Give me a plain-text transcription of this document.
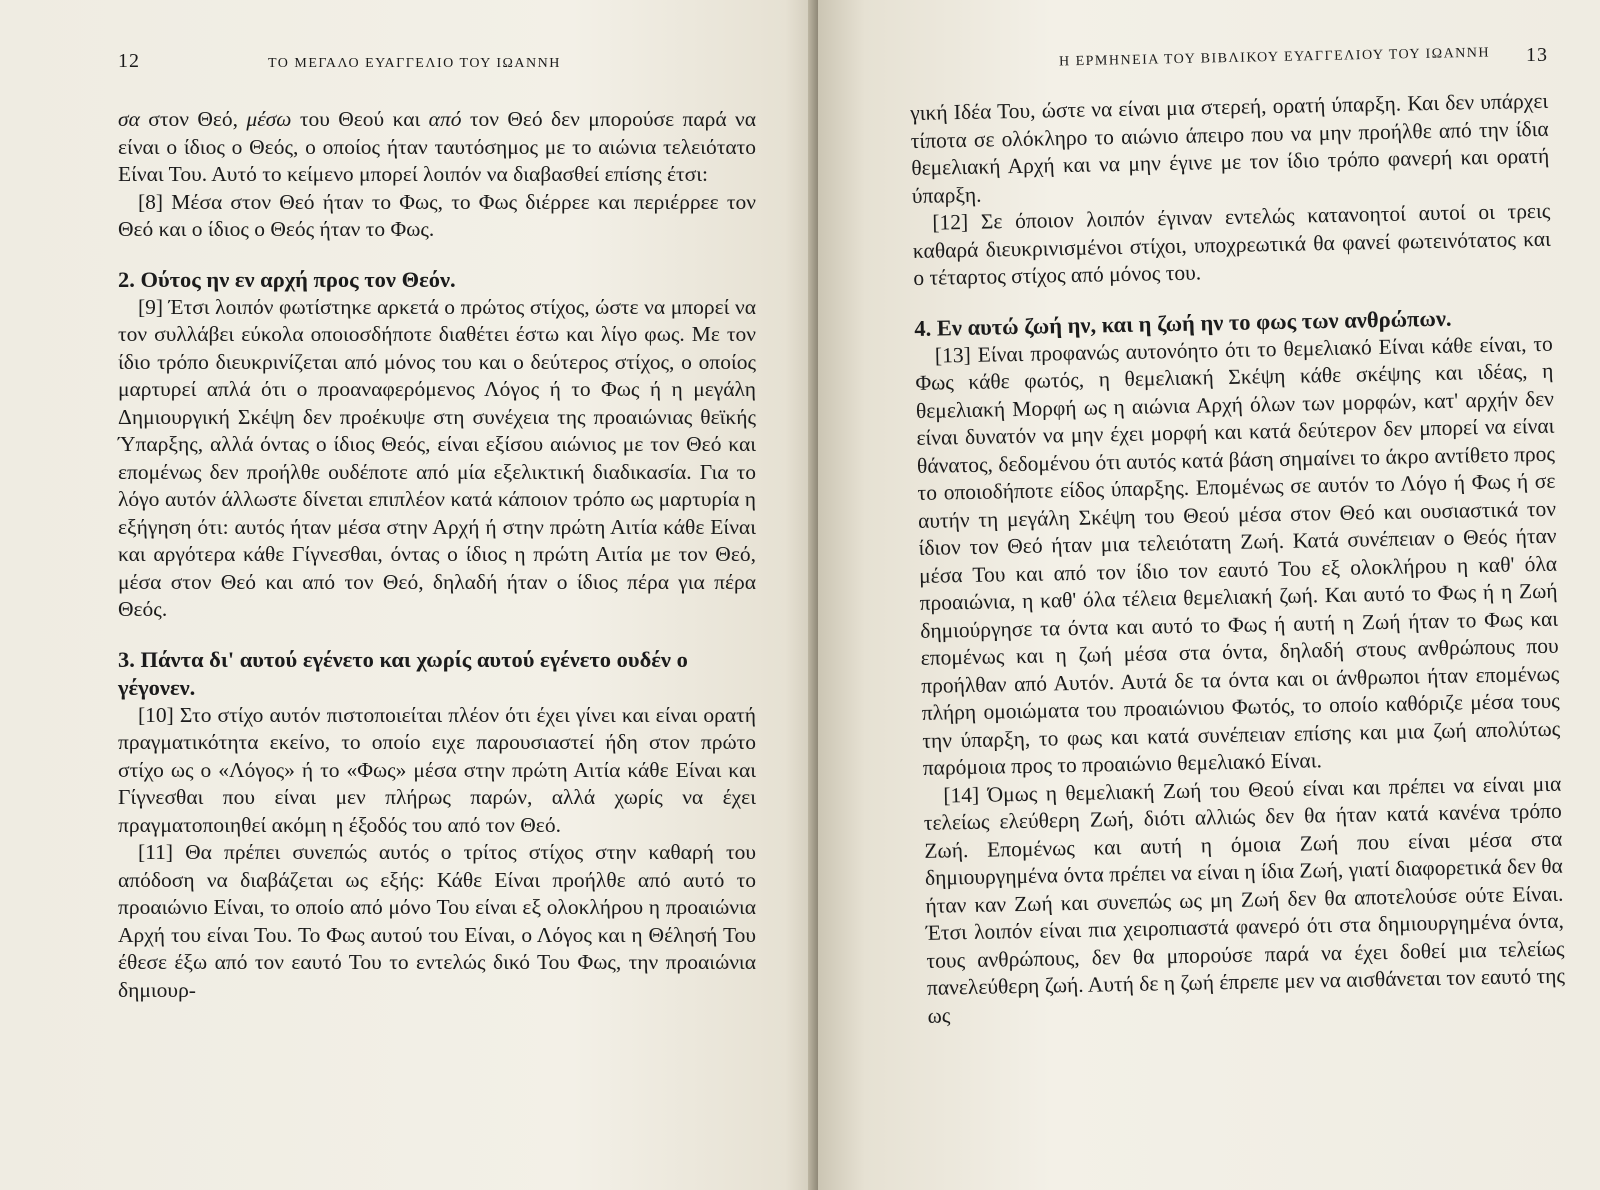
12	ΤΟ ΜΕΓΑΛΟ ΕΥΑΓΓΕΛΙΟ ΤΟΥ ΙΩΑΝΝΗ

σα στον Θεό, μέσω του Θεού και από τον Θεό δεν μπορούσε παρά να είναι ο ίδιος ο Θεός, ο οποίος ήταν ταυτόσημος με το αιώνια τελειότατο Είναι Του. Αυτό το κείμενο μπορεί λοιπόν να διαβασθεί επίσης έτσι:

[8] Μέσα στον Θεό ήταν το Φως, το Φως διέρρεε και περιέρρεε τον Θεό και ο ίδιος ο Θεός ήταν το Φως.

2. Ούτος ην εν αρχή προς τον Θεόν.

[9] Έτσι λοιπόν φωτίστηκε αρκετά ο πρώτος στίχος, ώστε να μπορεί να τον συλλάβει εύκολα οποιοσδήποτε διαθέτει έστω και λίγο φως. Με τον ίδιο τρόπο διευκρινίζεται από μόνος του και ο δεύτερος στίχος, ο οποίος μαρτυρεί απλά ότι ο προαναφερόμενος Λόγος ή το Φως ή η μεγάλη Δημιουργική Σκέψη δεν προέκυψε στη συνέχεια της προαιώνιας θεϊκής Ύπαρξης, αλλά όντας ο ίδιος Θεός, είναι εξίσου αιώνιος με τον Θεό και επομένως δεν προήλθε ουδέποτε από μία εξελικτική διαδικασία. Για το λόγο αυτόν άλλωστε δίνεται επιπλέον κατά κάποιον τρόπο ως μαρτυρία η εξήγηση ότι: αυτός ήταν μέσα στην Αρχή ή στην πρώτη Αιτία κάθε Είναι και αργότερα κάθε Γίγνεσθαι, όντας ο ίδιος η πρώτη Αιτία με τον Θεό, μέσα στον Θεό και από τον Θεό, δηλαδή ήταν ο ίδιος πέρα για πέρα Θεός.

3. Πάντα δι' αυτού εγένετο και χωρίς αυτού εγένετο ουδέν ο γέγονεν.

[10] Στο στίχο αυτόν πιστοποιείται πλέον ότι έχει γίνει και είναι ορατή πραγματικότητα εκείνο, το οποίο ειχε παρουσιαστεί ήδη στον πρώτο στίχο ως ο «Λόγος» ή το «Φως» μέσα στην πρώτη Αιτία κάθε Είναι και Γίγνεσθαι που είναι μεν πλήρως παρών, αλλά χωρίς να έχει πραγματοποιηθεί ακόμη η έξοδός του από τον Θεό.

[11] Θα πρέπει συνεπώς αυτός ο τρίτος στίχος στην καθαρή του απόδοση να διαβάζεται ως εξής: Κάθε Είναι προήλθε από αυτό το προαιώνιο Είναι, το οποίο από μόνο Του είναι εξ ολοκλήρου η προαιώνια Αρχή του είναι Του. Το Φως αυτού του Είναι, ο Λόγος και η Θέλησή Του έθεσε έξω από τον εαυτό Του το εντελώς δικό Του Φως, την προαιώνια δημιουρ-

Η ΕΡΜΗΝΕΙΑ ΤΟΥ ΒΙΒΛΙΚΟΥ ΕΥΑΓΓΕΛΙΟΥ ΤΟΥ ΙΩΑΝΝΗ 13

γική Ιδέα Του, ώστε να είναι μια στερεή, ορατή ύπαρξη. Και δεν υπάρχει τίποτα σε ολόκληρο το αιώνιο άπειρο που να μην προήλθε από την ίδια θεμελιακή Αρχή και να μην έγινε με τον ίδιο τρόπο φανερή και ορατή ύπαρξη.

[12] Σε όποιον λοιπόν έγιναν εντελώς κατανοητοί αυτοί οι τρεις καθαρά διευκρινισμένοι στίχοι, υποχρεωτικά θα φανεί φωτεινότατος και ο τέταρτος στίχος από μόνος του.

4. Εν αυτώ ζωή ην, και η ζωή ην το φως των ανθρώπων.

[13] Είναι προφανώς αυτονόητο ότι το θεμελιακό Είναι κάθε είναι, το Φως κάθε φωτός, η θεμελιακή Σκέψη κάθε σκέψης και ιδέας, η θεμελιακή Μορφή ως η αιώνια Αρχή όλων των μορφών, κατ' αρχήν δεν είναι δυνατόν να μην έχει μορφή και κατά δεύτερον δεν μπορεί να είναι θάνατος, δεδομένου ότι αυτός κατά βάση σημαίνει το άκρο αντίθετο προς το οποιοδήποτε είδος ύπαρξης. Επομένως σε αυτόν το Λόγο ή Φως ή σε αυτήν τη μεγάλη Σκέψη του Θεού μέσα στον Θεό και ουσιαστικά τον ίδιον τον Θεό ήταν μια τελειότατη Ζωή. Κατά συνέπειαν ο Θεός ήταν μέσα Του και από τον ίδιο τον εαυτό Του εξ ολοκλήρου η καθ' όλα προαιώνια, η καθ' όλα τέλεια θεμελιακή ζωή. Και αυτό το Φως ή η Ζωή δημιούργησε τα όντα και αυτό το Φως ή αυτή η Ζωή ήταν το Φως και επομένως και η ζωή μέσα στα όντα, δηλαδή στους ανθρώπους που προήλθαν από Αυτόν. Αυτά δε τα όντα και οι άνθρωποι ήταν επομένως πλήρη ομοιώματα του προαιώνιου Φωτός, το οποίο καθόριζε μέσα τους την ύπαρξη, το φως και κατά συνέπειαν επίσης και μια ζωή απολύτως παρόμοια προς το προαιώνιο θεμελιακό Είναι.

[14] Όμως η θεμελιακή Ζωή του Θεού είναι και πρέπει να είναι μια τελείως ελεύθερη Ζωή, διότι αλλιώς δεν θα ήταν κατά κανένα τρόπο Ζωή. Επομένως και αυτή η όμοια Ζωή που είναι μέσα στα δημιουργημένα όντα πρέπει να είναι η ίδια Ζωή, γιατί διαφορετικά δεν θα ήταν καν Ζωή και συνεπώς ως μη Ζωή δεν θα αποτελούσε ούτε Είναι. Έτσι λοιπόν είναι πια χειροπιαστά φανερό ότι στα δημιουργημένα όντα, τους ανθρώπους, δεν θα μπορούσε παρά να έχει δοθεί μια τελείως πανελεύθερη ζωή. Αυτή δε η ζωή έπρεπε μεν να αισθάνεται τον εαυτό της ως
